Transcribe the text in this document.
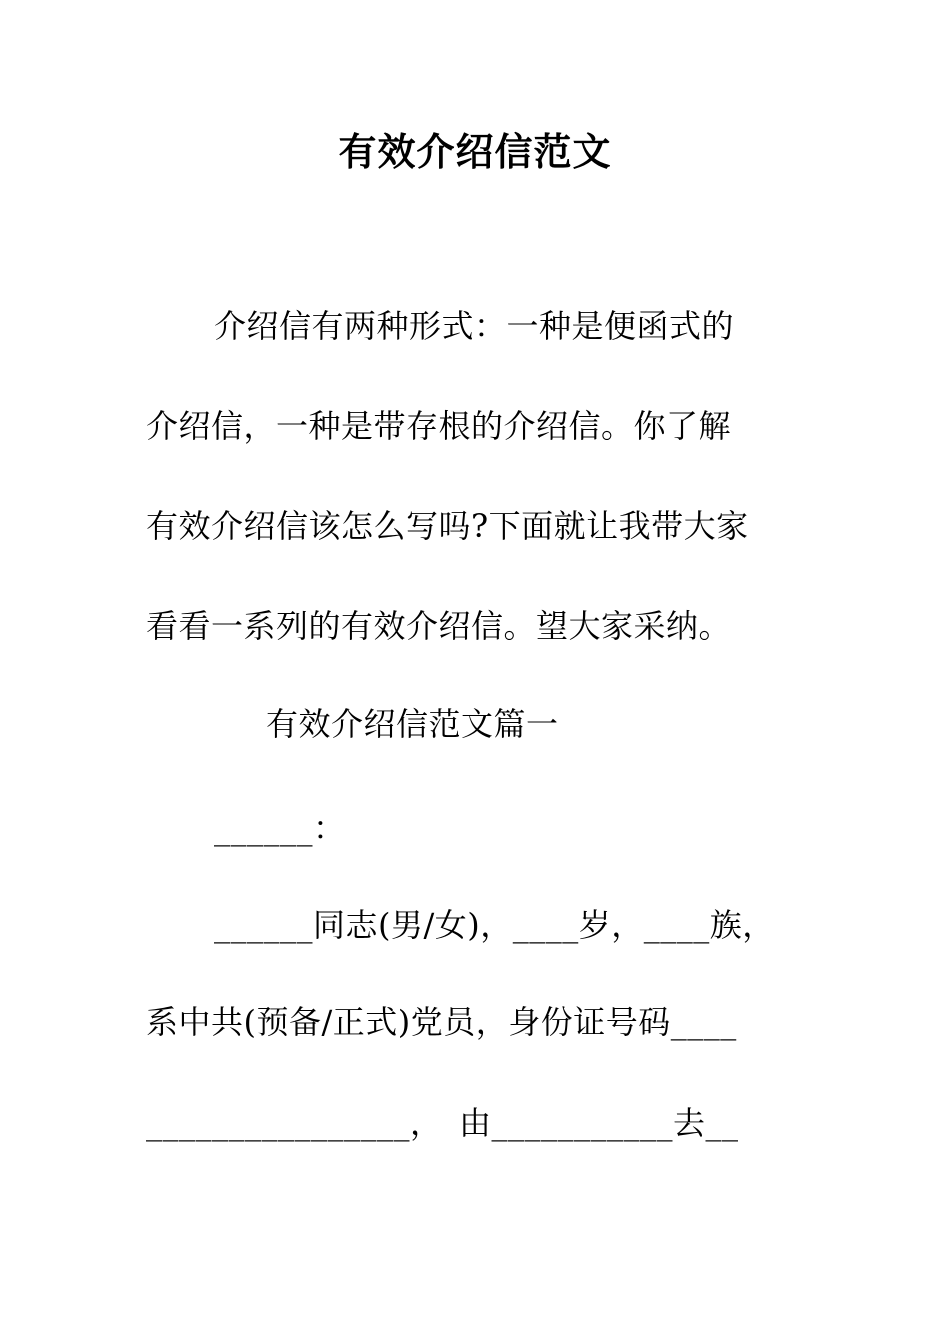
有效介绍信范文
介绍信有两种形式：一种是便函式的
介绍信，一种是带存根的介绍信。你了解
有效介绍信该怎么写吗?下面就让我带大家
看看一系列的有效介绍信。望大家采纳。
有效介绍信范文篇一
______：
______同志(男/女)，____岁，____族，
系中共(预备/正式)党员，身份证号码____
________________，　由___________去__
